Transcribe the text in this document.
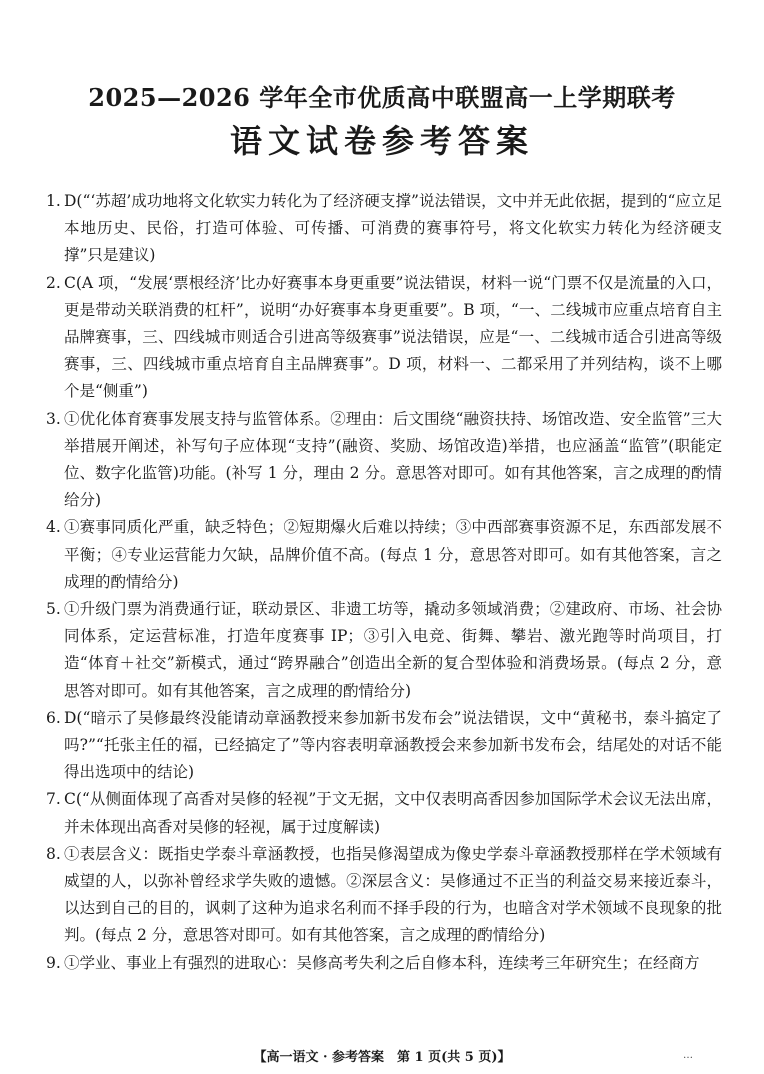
2025—2026 学年全市优质高中联盟高一上学期联考
语文试卷参考答案
1. D(“‘苏超’成功地将文化软实力转化为了经济硬支撑”说法错误，文中并无此依据，提到的“应立足本地历史、民俗，打造可体验、可传播、可消费的赛事符号，将文化软实力转化为经济硬支撑”只是建议)
2. C(A 项，“发展‘票根经济’比办好赛事本身更重要”说法错误，材料一说“门票不仅是流量的入口，更是带动关联消费的杠杆”，说明“办好赛事本身更重要”。B 项，“一、二线城市应重点培育自主品牌赛事，三、四线城市则适合引进高等级赛事”说法错误，应是“一、二线城市适合引进高等级赛事，三、四线城市重点培育自主品牌赛事”。D 项，材料一、二都采用了并列结构，谈不上哪个是“侧重”)
3. ①优化体育赛事发展支持与监管体系。②理由：后文围绕“融资扶持、场馆改造、安全监管”三大举措展开阐述，补写句子应体现“支持”(融资、奖励、场馆改造)举措，也应涵盖“监管”(职能定位、数字化监管)功能。(补写 1 分，理由 2 分。意思答对即可。如有其他答案，言之成理的酌情给分)
4. ①赛事同质化严重，缺乏特色；②短期爆火后难以持续；③中西部赛事资源不足，东西部发展不平衡；④专业运营能力欠缺，品牌价值不高。(每点 1 分，意思答对即可。如有其他答案，言之成理的酌情给分)
5. ①升级门票为消费通行证，联动景区、非遗工坊等，撬动多领域消费；②建政府、市场、社会协同体系，定运营标准，打造年度赛事 IP；③引入电竞、街舞、攀岩、激光跑等时尚项目，打造“体育＋社交”新模式，通过“跨界融合”创造出全新的复合型体验和消费场景。(每点 2 分，意思答对即可。如有其他答案，言之成理的酌情给分)
6. D(“暗示了吴修最终没能请动章涵教授来参加新书发布会”说法错误，文中“黄秘书，泰斗搞定了吗?”“托张主任的福，已经搞定了”等内容表明章涵教授会来参加新书发布会，结尾处的对话不能得出选项中的结论)
7. C(“从侧面体现了高香对吴修的轻视”于文无据，文中仅表明高香因参加国际学术会议无法出席，并未体现出高香对吴修的轻视，属于过度解读)
8. ①表层含义：既指史学泰斗章涵教授，也指吴修渴望成为像史学泰斗章涵教授那样在学术领域有威望的人，以弥补曾经求学失败的遗憾。②深层含义：吴修通过不正当的利益交易来接近泰斗，以达到自己的目的，讽刺了这种为追求名利而不择手段的行为，也暗含对学术领域不良现象的批判。(每点 2 分，意思答对即可。如有其他答案，言之成理的酌情给分)
9. ①学业、事业上有强烈的进取心：吴修高考失利之后自修本科，连续考三年研究生；在经商方
【高一语文 · 参考答案　第 1 页(共 5 页)】	…
